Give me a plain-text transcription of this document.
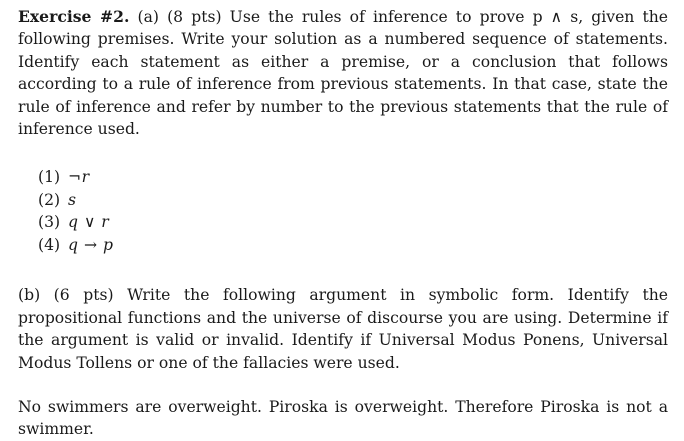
Exercise #2. (a) (8 pts) Use the rules of inference to prove p ∧ s, given the following premises. Write your solution as a numbered sequence of statements. Identify each statement as either a premise, or a conclusion that follows according to a rule of inference from previous statements. In that case, state the rule of inference and refer by number to the previous statements that the rule of inference used.

(1) ¬r
(2) s
(3) q ∨ r
(4) q → p

(b) (6 pts) Write the following argument in symbolic form. Identify the propositional functions and the universe of discourse you are using. Determine if the argument is valid or invalid. Identify if Universal Modus Ponens, Universal Modus Tollens or one of the fallacies were used.

No swimmers are overweight. Piroska is overweight. Therefore Piroska is not a swimmer.
